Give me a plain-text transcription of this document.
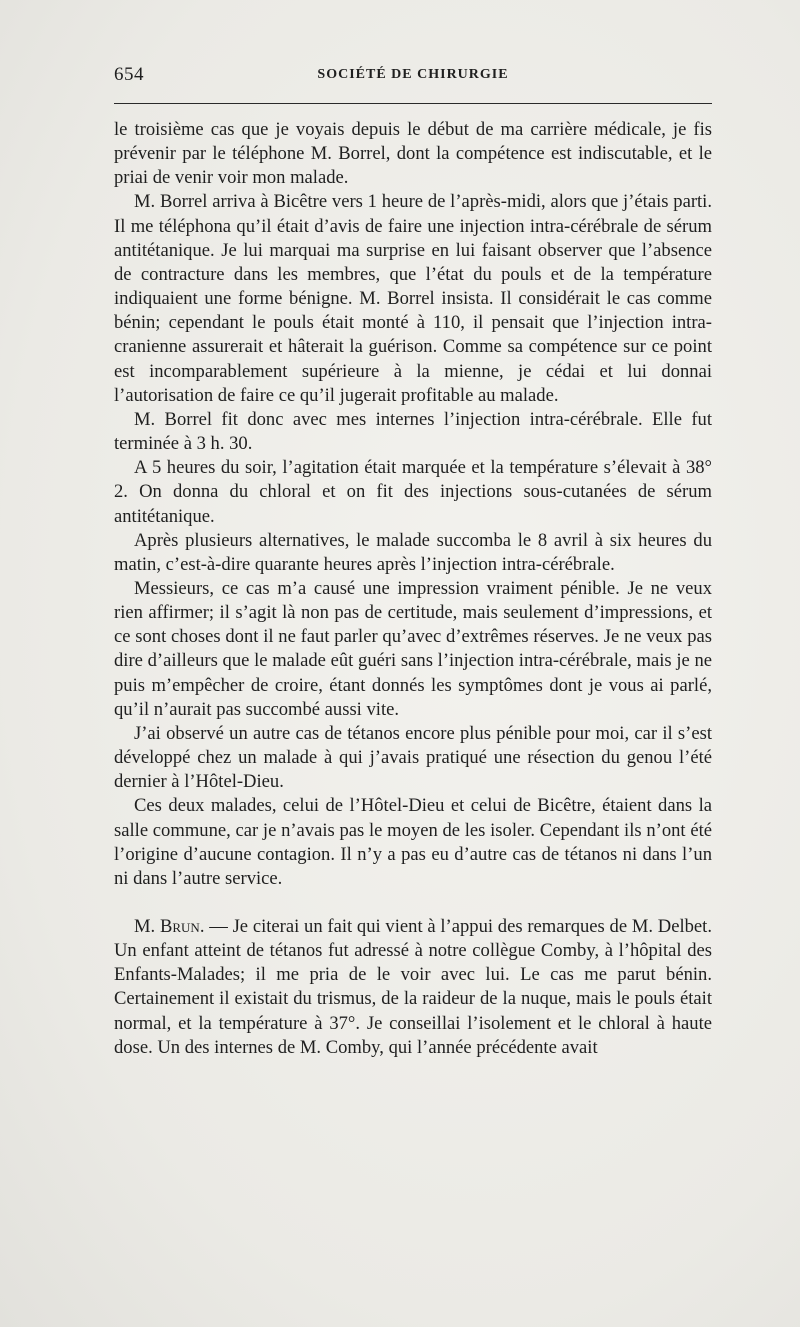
654	SOCIÉTÉ DE CHIRURGIE

le troisième cas que je voyais depuis le début de ma carrière médicale, je fis prévenir par le téléphone M. Borrel, dont la compétence est indiscutable, et le priai de venir voir mon malade.

M. Borrel arriva à Bicêtre vers 1 heure de l’après-midi, alors que j’étais parti. Il me téléphona qu’il était d’avis de faire une injection intra-cérébrale de sérum antitétanique. Je lui marquai ma surprise en lui faisant observer que l’absence de contracture dans les membres, que l’état du pouls et de la température indiquaient une forme bénigne. M. Borrel insista. Il considérait le cas comme bénin; cependant le pouls était monté à 110, il pensait que l’injection intra-cranienne assurerait et hâterait la guérison. Comme sa compétence sur ce point est incomparablement supérieure à la mienne, je cédai et lui donnai l’autorisation de faire ce qu’il jugerait profitable au malade.

M. Borrel fit donc avec mes internes l’injection intra-cérébrale. Elle fut terminée à 3 h. 30.

A 5 heures du soir, l’agitation était marquée et la température s’élevait à 38° 2. On donna du chloral et on fit des injections sous-cutanées de sérum antitétanique.

Après plusieurs alternatives, le malade succomba le 8 avril à six heures du matin, c’est-à-dire quarante heures après l’injection intra-cérébrale.

Messieurs, ce cas m’a causé une impression vraiment pénible. Je ne veux rien affirmer; il s’agit là non pas de certitude, mais seulement d’impressions, et ce sont choses dont il ne faut parler qu’avec d’extrêmes réserves. Je ne veux pas dire d’ailleurs que le malade eût guéri sans l’injection intra-cérébrale, mais je ne puis m’empêcher de croire, étant donnés les symptômes dont je vous ai parlé, qu’il n’aurait pas succombé aussi vite.

J’ai observé un autre cas de tétanos encore plus pénible pour moi, car il s’est développé chez un malade à qui j’avais pratiqué une résection du genou l’été dernier à l’Hôtel-Dieu.

Ces deux malades, celui de l’Hôtel-Dieu et celui de Bicêtre, étaient dans la salle commune, car je n’avais pas le moyen de les isoler. Cependant ils n’ont été l’origine d’aucune contagion. Il n’y a pas eu d’autre cas de tétanos ni dans l’un ni dans l’autre service.

M. Brun. — Je citerai un fait qui vient à l’appui des remarques de M. Delbet. Un enfant atteint de tétanos fut adressé à notre collègue Comby, à l’hôpital des Enfants-Malades; il me pria de le voir avec lui. Le cas me parut bénin. Certainement il existait du trismus, de la raideur de la nuque, mais le pouls était normal, et la température à 37°. Je conseillai l’isolement et le chloral à haute dose. Un des internes de M. Comby, qui l’année précédente avait
